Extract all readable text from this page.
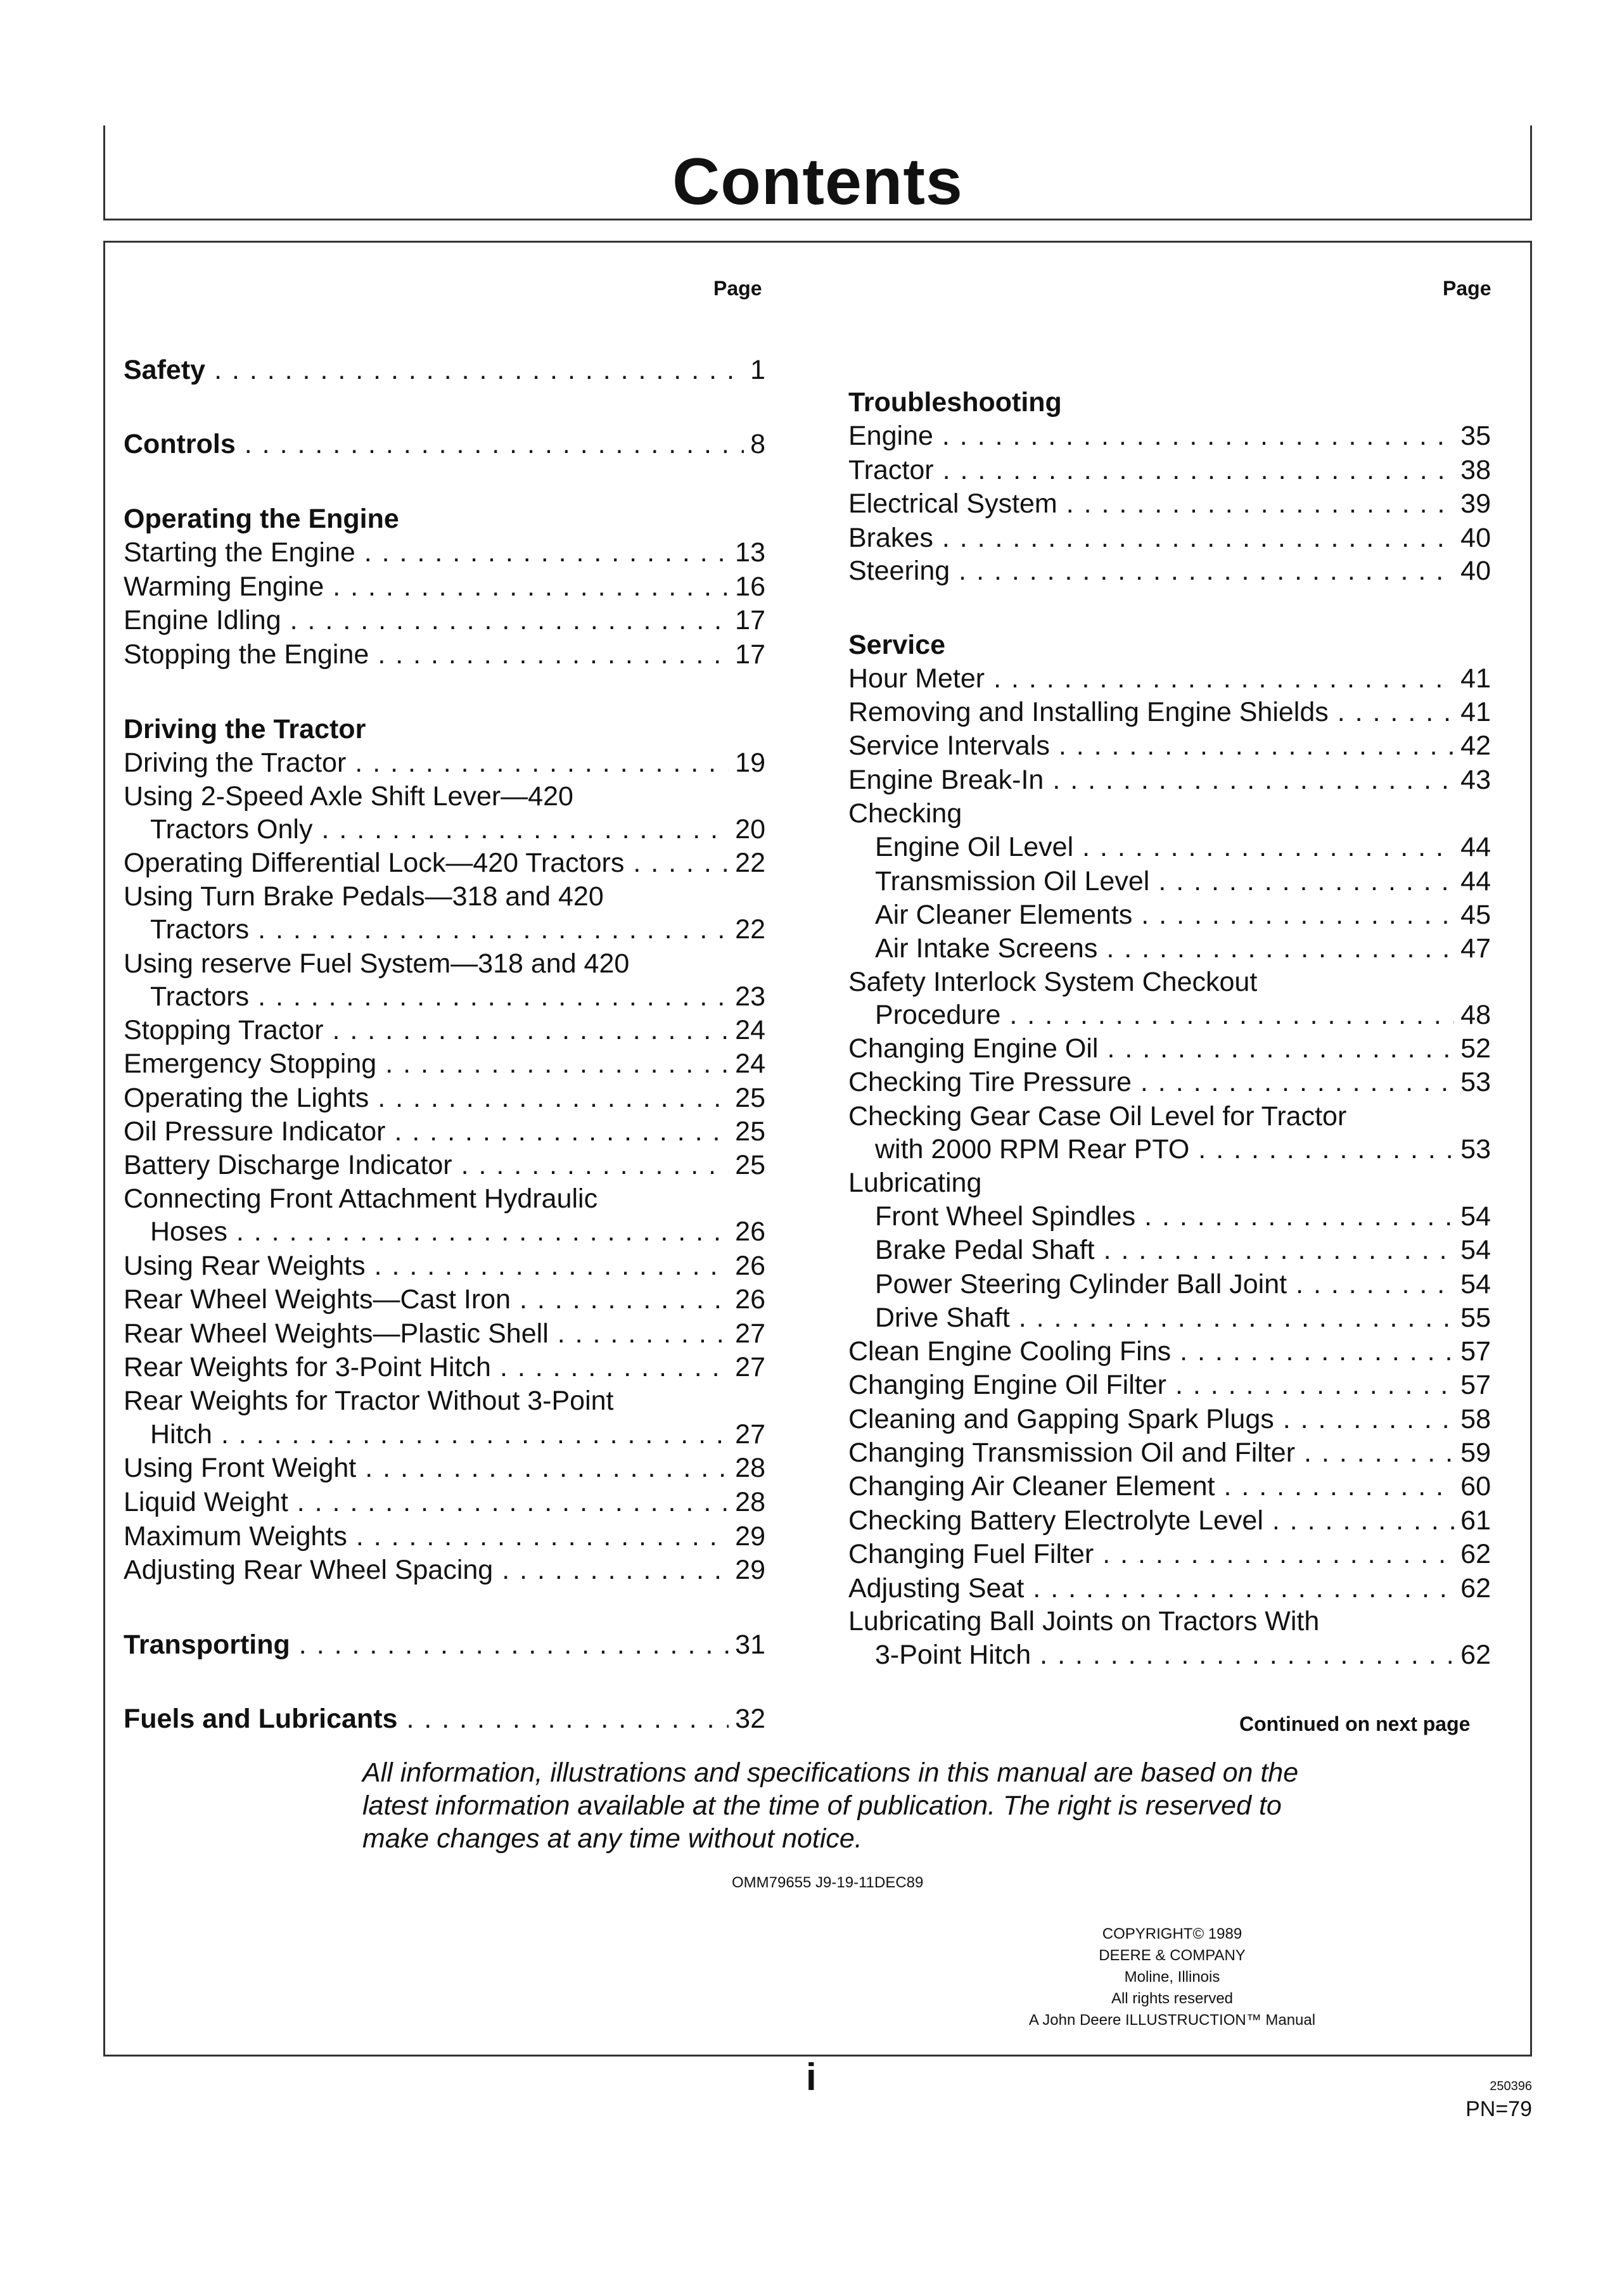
Contents
Page	Page
Continued on next page
Safety . . .	1
Controls . . .	8
Operating the Engine
Starting the Engine . . .	13
Warming Engine . . .	16
Engine Idling . . .	17
Stopping the Engine . . .	17
Driving the Tractor
Driving the Tractor . . .	19
Using 2-Speed Axle Shift Lever—420
Tractors Only . . .	20
Operating Differential Lock—420 Tractors . . .	22
Using Turn Brake Pedals—318 and 420
Tractors . . .	22
Using reserve Fuel System—318 and 420
Tractors . . .	23
Stopping Tractor . . .	24
Emergency Stopping . . .	24
Operating the Lights . . .	25
Oil Pressure Indicator . . .	25
Battery Discharge Indicator . . .	25
Connecting Front Attachment Hydraulic
Hoses . . .	26
Using Rear Weights . . .	26
Rear Wheel Weights—Cast Iron . . .	26
Rear Wheel Weights—Plastic Shell . . .	27
Rear Weights for 3-Point Hitch . . .	27
Rear Weights for Tractor Without 3-Point
Hitch . . .	27
Using Front Weight . . .	28
Liquid Weight . . .	28
Maximum Weights . . .	29
Adjusting Rear Wheel Spacing . . .	29
Transporting . . .	31
Fuels and Lubricants . . .	32
Troubleshooting
Engine . . .	35
Tractor . . .	38
Electrical System . . .	39
Brakes . . .	40
Steering . . .	40
Service
Hour Meter . . .	41
Removing and Installing Engine Shields . . .	41
Service Intervals . . .	42
Engine Break-In . . .	43
Checking
Engine Oil Level . . .	44
Transmission Oil Level . . .	44
Air Cleaner Elements . . .	45
Air Intake Screens . . .	47
Safety Interlock System Checkout
Procedure . . .	48
Changing Engine Oil . . .	52
Checking Tire Pressure . . .	53
Checking Gear Case Oil Level for Tractor
with 2000 RPM Rear PTO . . .	53
Lubricating
Front Wheel Spindles . . .	54
Brake Pedal Shaft . . .	54
Power Steering Cylinder Ball Joint . . .	54
Drive Shaft . . .	55
Clean Engine Cooling Fins . . .	57
Changing Engine Oil Filter . . .	57
Cleaning and Gapping Spark Plugs . . .	58
Changing Transmission Oil and Filter . . .	59
Changing Air Cleaner Element . . .	60
Checking Battery Electrolyte Level . . .	61
Changing Fuel Filter . . .	62
Adjusting Seat . . .	62
Lubricating Ball Joints on Tractors With
3-Point Hitch . . .	62
All information, illustrations and specifications in this manual are based on the latest information available at the time of publication. The right is reserved to make changes at any time without notice.
OMM79655 J9-19-11DEC89
COPYRIGHT© 1989
DEERE & COMPANY
Moline, Illinois
All rights reserved
A John Deere ILLUSTRUCTION™ Manual
i	250396
PN=79
